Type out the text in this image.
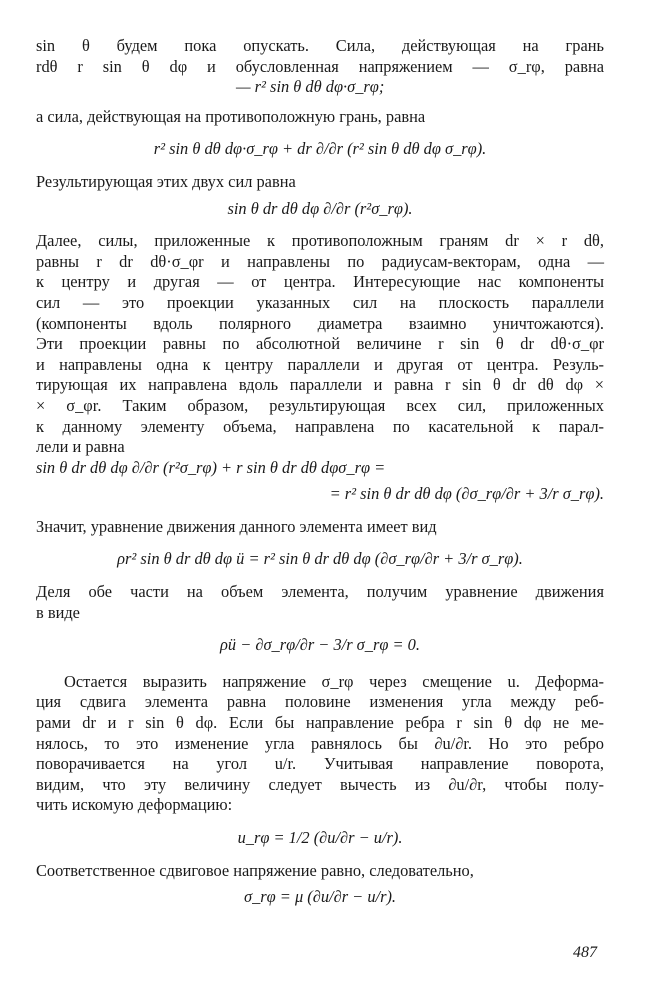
sin θ будем пока опускать. Сила, действующая на грань
rdθ r sin θ dφ и обусловленная напряжением — σ_rφ, равна

— r² sin θ dθ dφ·σ_rφ;

а сила, действующая на противоположную грань, равна

r² sin θ dθ dφ·σ_rφ + dr ∂/∂r (r² sin θ dθ dφ σ_rφ).

Результирующая этих двух сил равна

sin θ dr dθ dφ ∂/∂r (r²σ_rφ).

Далее, силы, приложенные к противоположным граням dr × r dθ,
равны r dr dθ·σ_φr и направлены по радиусам-векторам, одна —
к центру и другая — от центра. Интересующие нас компоненты
сил — это проекции указанных сил на плоскость параллели
(компоненты вдоль полярного диаметра взаимно уничтожаются).
Эти проекции равны по абсолютной величине r sin θ dr dθ·σ_φr
и направлены одна к центру параллели и другая от центра. Резуль-
тирующая их направлена вдоль параллели и равна r sin θ dr dθ dφ ×
× σ_φr. Таким образом, результирующая всех сил, приложенных
к данному элементу объема, направлена по касательной к парал-
лели и равна

sin θ dr dθ dφ ∂/∂r (r²σ_rφ) + r sin θ dr dθ dφσ_rφ =
= r² sin θ dr dθ dφ (∂σ_rφ/∂r + 3/r σ_rφ).

Значит, уравнение движения данного элемента имеет вид

ρr² sin θ dr dθ dφ ü = r² sin θ dr dθ dφ (∂σ_rφ/∂r + 3/r σ_rφ).

Деля обе части на объем элемента, получим уравнение движения
в виде

ρü − ∂σ_rφ/∂r − 3/r σ_rφ = 0.

Остается выразить напряжение σ_rφ через смещение u. Деформа-
ция сдвига элемента равна половине изменения угла между реб-
рами dr и r sin θ dφ. Если бы направление ребра r sin θ dφ не ме-
нялось, то это изменение угла равнялось бы ∂u/∂r. Но это ребро
поворачивается на угол u/r. Учитывая направление поворота,
видим, что эту величину следует вычесть из ∂u/∂r, чтобы полу-
чить искомую деформацию:

u_rφ = 1/2 (∂u/∂r − u/r).

Соответственное сдвиговое напряжение равно, следовательно,

σ_rφ = μ (∂u/∂r − u/r).
487
